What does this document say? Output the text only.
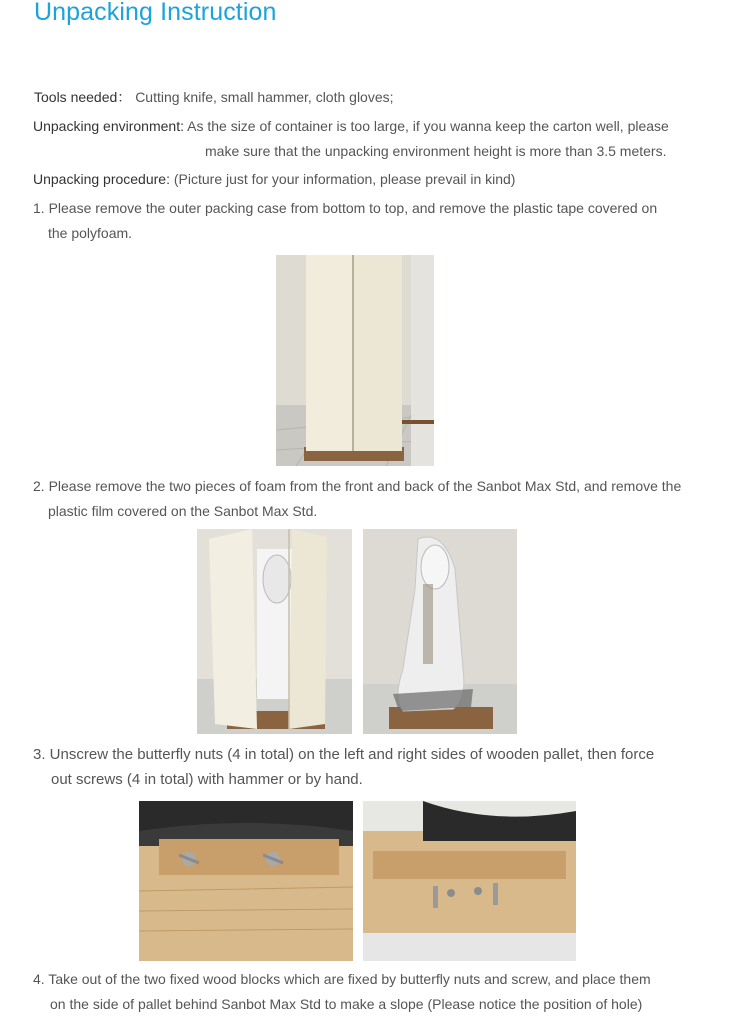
Unpacking Instruction
Tools needed： Cutting knife, small hammer, cloth gloves;
Unpacking environment: As the size of container is too large, if you wanna keep the carton well, please
make sure that the unpacking environment height is more than 3.5 meters.
Unpacking procedure: (Picture just for your information, please prevail in kind)
1. Please remove the outer packing case from bottom to top, and remove the plastic tape covered on
the polyfoam.
2. Please remove the two pieces of foam from the front and back of the Sanbot Max Std, and remove the
plastic film covered on the Sanbot Max Std.
3. Unscrew the butterfly nuts (4 in total) on the left and right sides of wooden pallet, then force
out screws (4 in total) with hammer or by hand.
4. Take out of the two fixed wood blocks which are fixed by butterfly nuts and screw, and place them
on the side of pallet behind Sanbot Max Std to make a slope (Please notice the position of hole)
